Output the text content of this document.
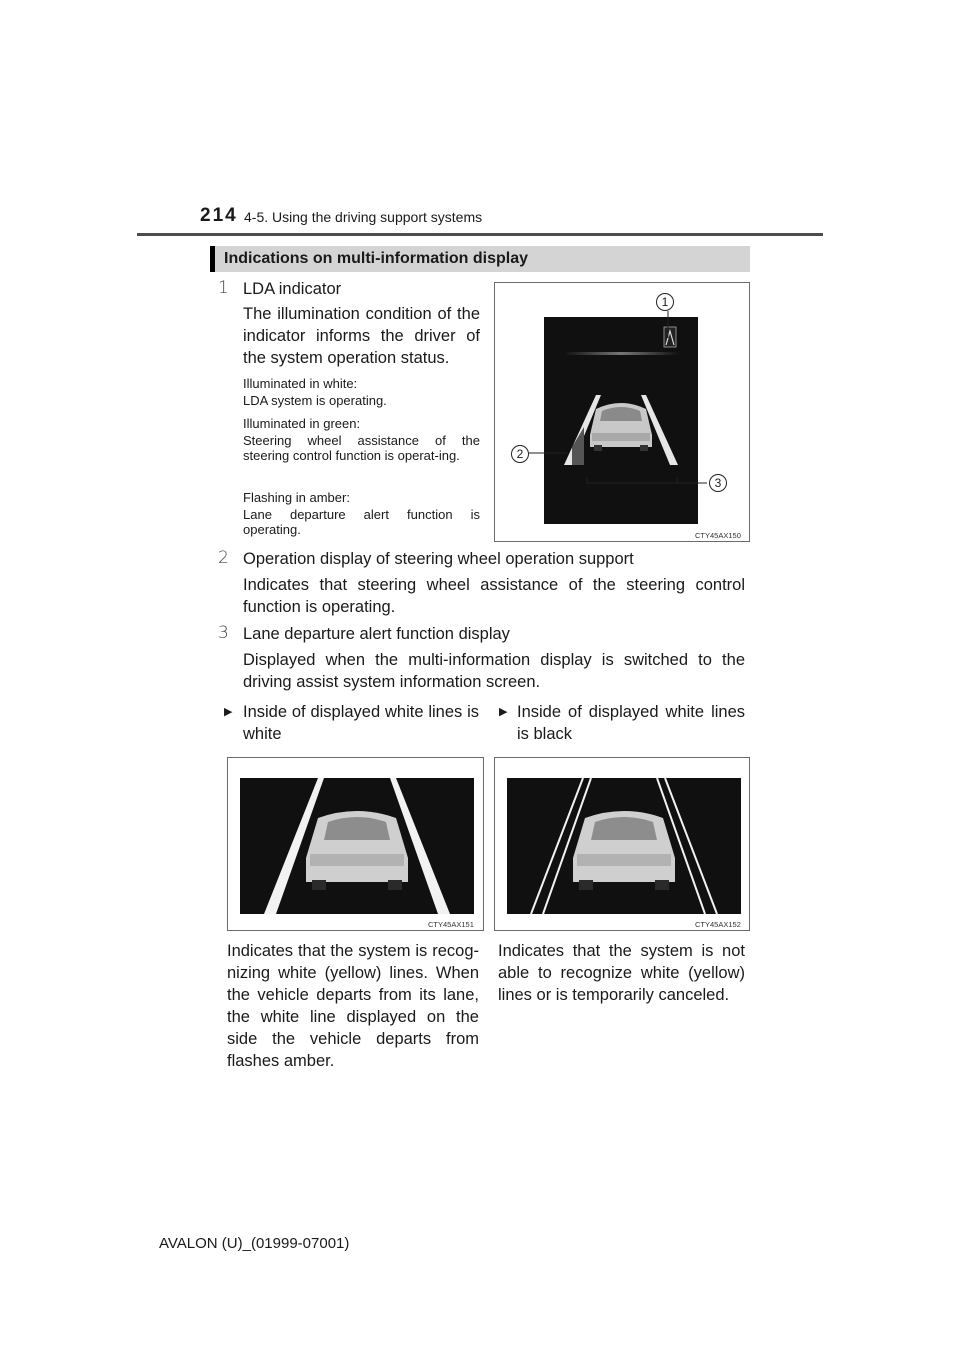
214 4-5. Using the driving support systems
Indications on multi-information display
1 LDA indicator
The illumination condition of the indicator informs the driver of the system operation status.
Illuminated in white:
LDA system is operating.
Illuminated in green:
Steering wheel assistance of the steering control function is operat-ing.
Flashing in amber:
Lane departure alert function is operating.
1
2
3
CTY45AX150
2 Operation display of steering wheel operation support
Indicates that steering wheel assistance of the steering control function is operating.
3 Lane departure alert function display
Displayed when the multi-information display is switched to the driving assist system information screen.
▶ Inside of displayed white lines is white
▶ Inside of displayed white lines is black
CTY45AX151	CTY45AX152
Indicates that the system is recog-nizing white (yellow) lines. When the vehicle departs from its lane, the white line displayed on the side the vehicle departs from flashes amber.
Indicates that the system is not able to recognize white (yellow) lines or is temporarily canceled.
AVALON (U)_(01999-07001)
